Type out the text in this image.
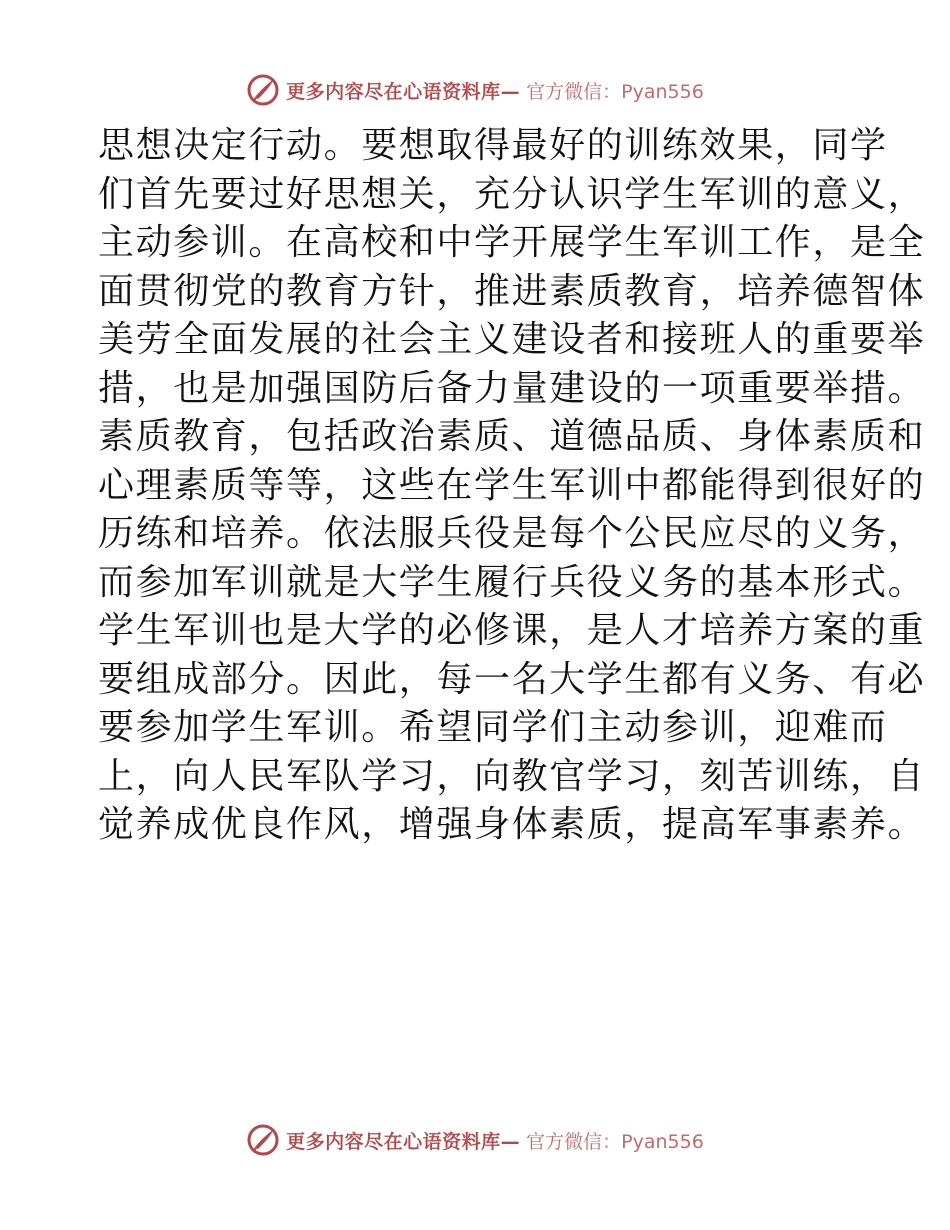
更多内容尽在心语资料库— 官方微信：Pyan556
思想决定行动。要想取得最好的训练效果，同学
们首先要过好思想关，充分认识学生军训的意义，
主动参训。在高校和中学开展学生军训工作，是全
面贯彻党的教育方针，推进素质教育，培养德智体
美劳全面发展的社会主义建设者和接班人的重要举
措，也是加强国防后备力量建设的一项重要举措。
素质教育，包括政治素质、道德品质、身体素质和
心理素质等等，这些在学生军训中都能得到很好的
历练和培养。依法服兵役是每个公民应尽的义务，
而参加军训就是大学生履行兵役义务的基本形式。
学生军训也是大学的必修课，是人才培养方案的重
要组成部分。因此，每一名大学生都有义务、有必
要参加学生军训。希望同学们主动参训，迎难而
上，向人民军队学习，向教官学习，刻苦训练，自
觉养成优良作风，增强身体素质，提高军事素养。
更多内容尽在心语资料库— 官方微信：Pyan556
